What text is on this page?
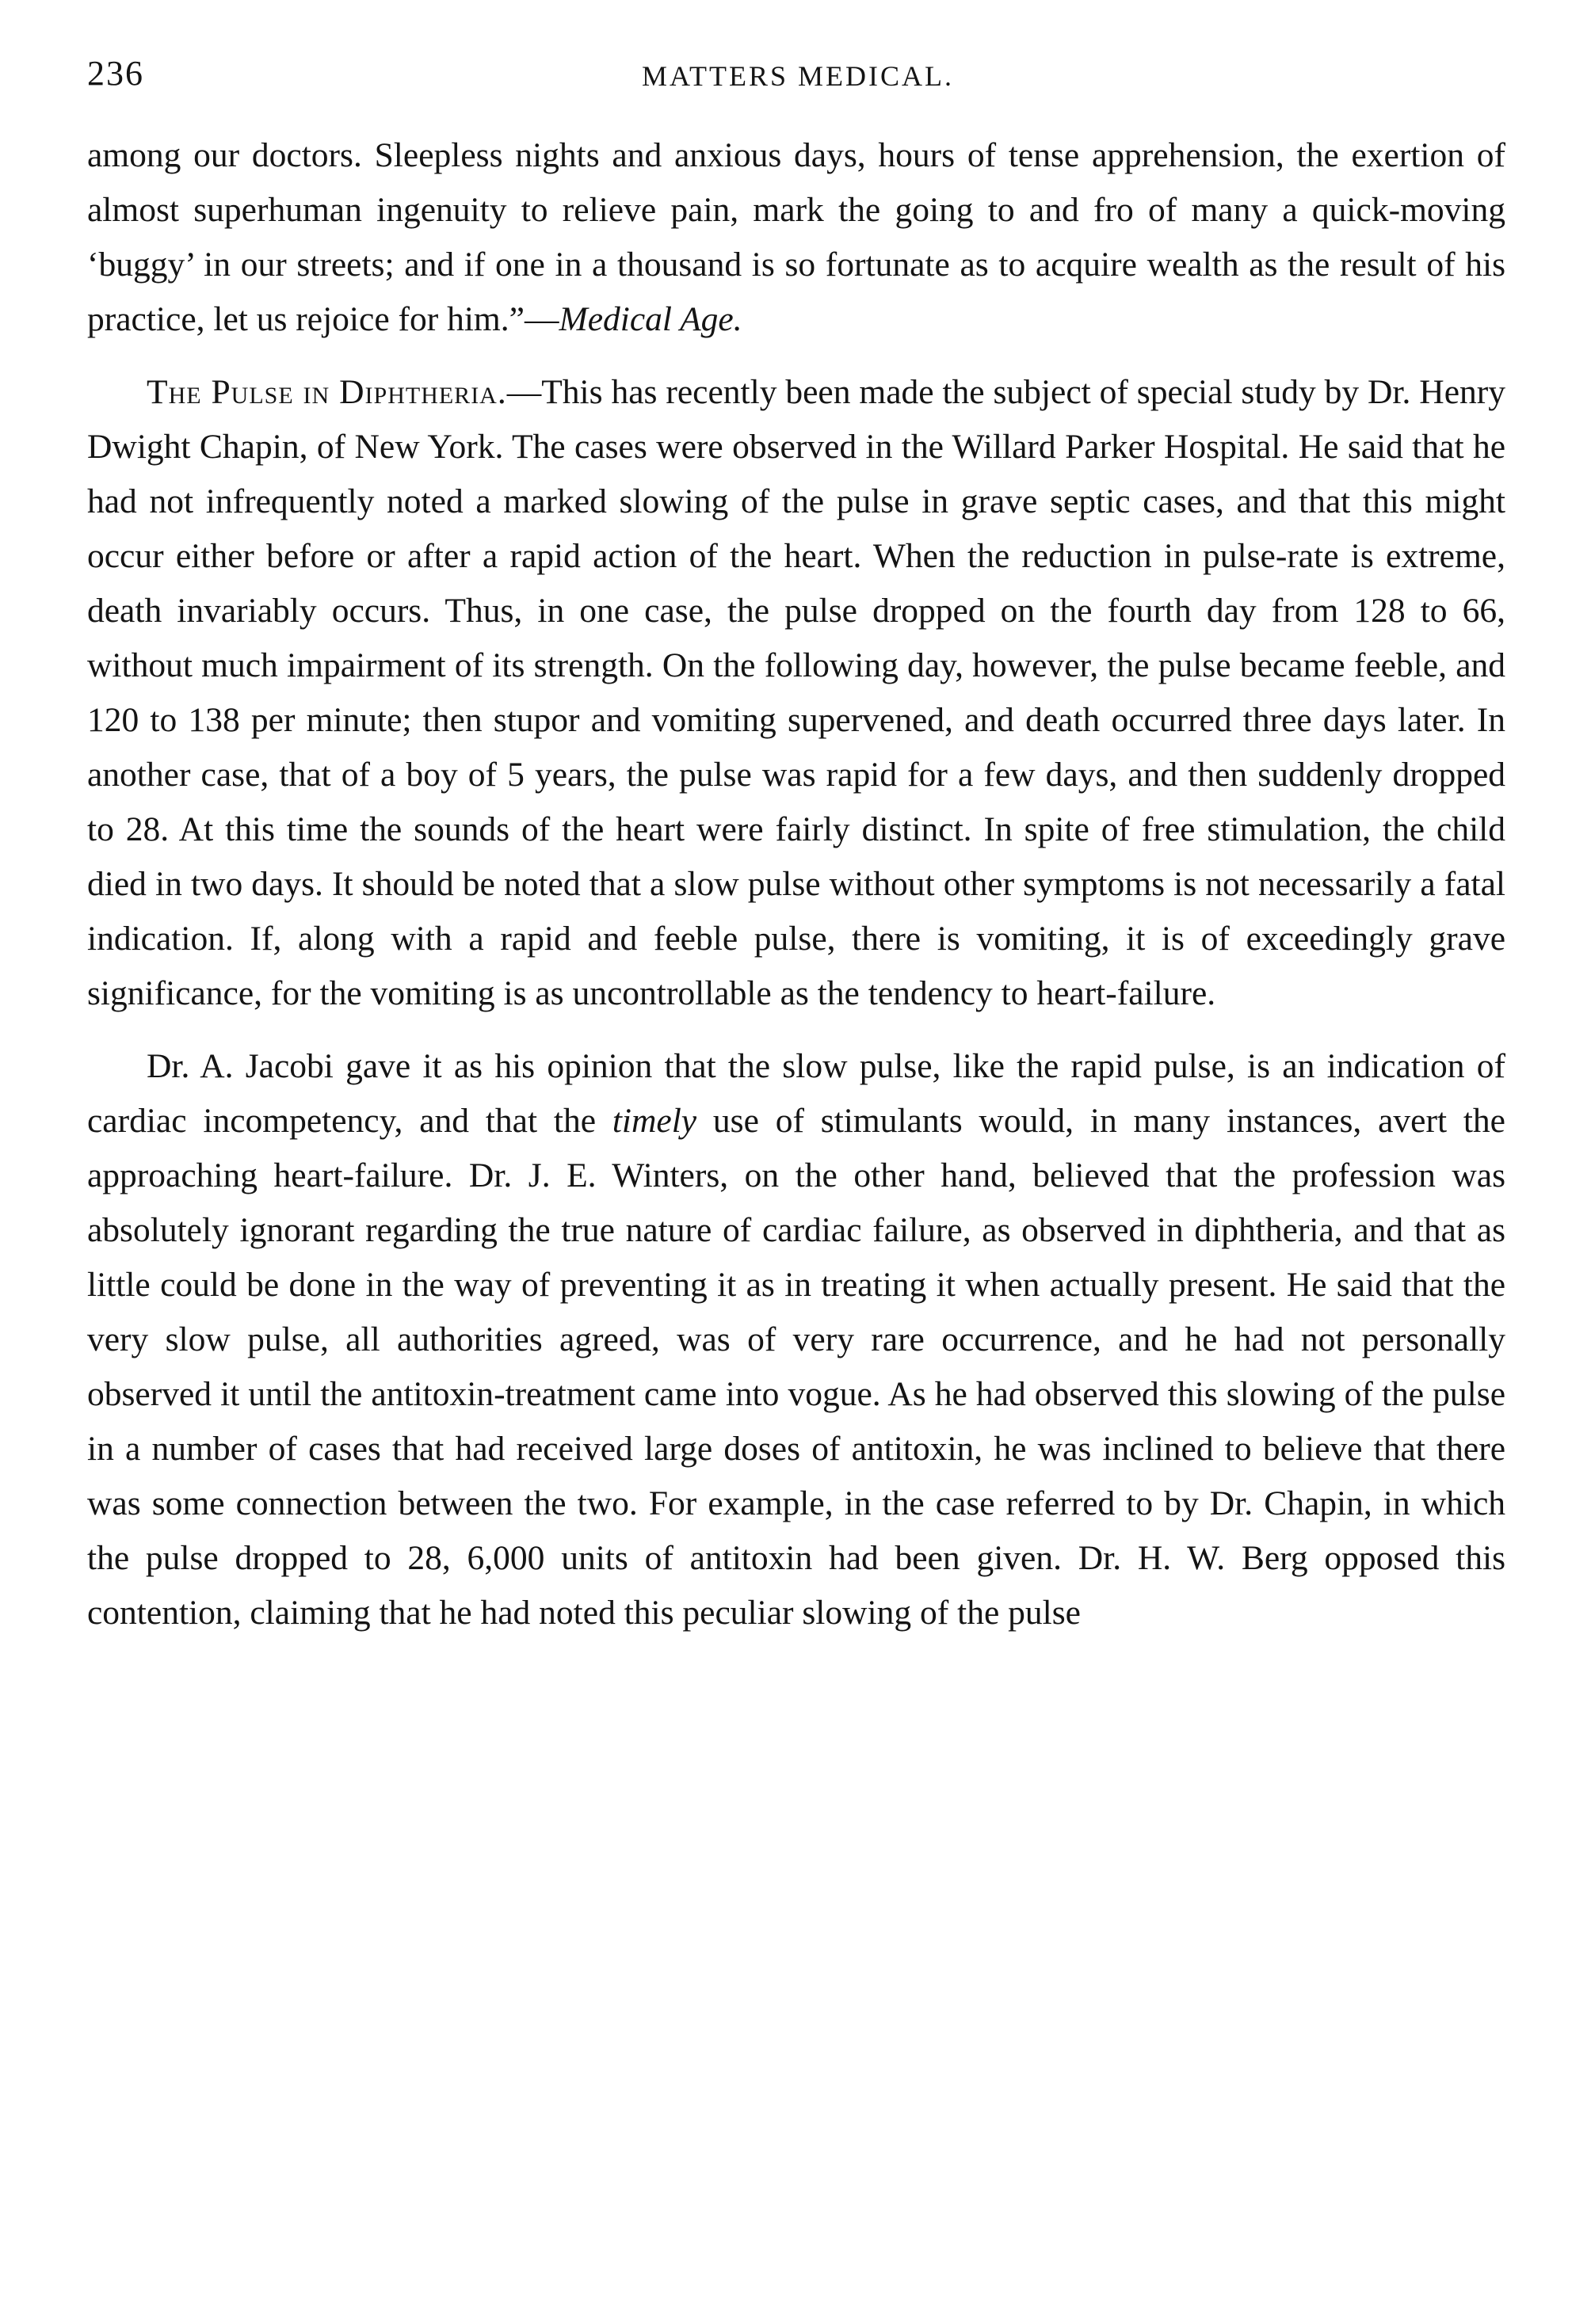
236	MATTERS MEDICAL.

among our doctors. Sleepless nights and anxious days, hours of tense apprehension, the exertion of almost superhuman ingenuity to relieve pain, mark the going to and fro of many a quick-moving ‘buggy’ in our streets; and if one in a thousand is so fortunate as to acquire wealth as the result of his practice, let us rejoice for him.”—Medical Age.

The Pulse in Diphtheria.—This has recently been made the subject of special study by Dr. Henry Dwight Chapin, of New York. The cases were observed in the Willard Parker Hospital. He said that he had not infrequently noted a marked slowing of the pulse in grave septic cases, and that this might occur either before or after a rapid action of the heart. When the reduction in pulse-rate is extreme, death invariably occurs. Thus, in one case, the pulse dropped on the fourth day from 128 to 66, without much impairment of its strength. On the following day, however, the pulse became feeble, and 120 to 138 per minute; then stupor and vomiting supervened, and death occurred three days later. In another case, that of a boy of 5 years, the pulse was rapid for a few days, and then suddenly dropped to 28. At this time the sounds of the heart were fairly distinct. In spite of free stimulation, the child died in two days. It should be noted that a slow pulse without other symptoms is not necessarily a fatal indication. If, along with a rapid and feeble pulse, there is vomiting, it is of exceedingly grave significance, for the vomiting is as uncontrollable as the tendency to heart-failure.

Dr. A. Jacobi gave it as his opinion that the slow pulse, like the rapid pulse, is an indication of cardiac incompetency, and that the timely use of stimulants would, in many instances, avert the approaching heart-failure. Dr. J. E. Winters, on the other hand, believed that the profession was absolutely ignorant regarding the true nature of cardiac failure, as observed in diphtheria, and that as little could be done in the way of preventing it as in treating it when actually present. He said that the very slow pulse, all authorities agreed, was of very rare occurrence, and he had not personally observed it until the antitoxin-treatment came into vogue. As he had observed this slowing of the pulse in a number of cases that had received large doses of antitoxin, he was inclined to believe that there was some connection between the two. For example, in the case referred to by Dr. Chapin, in which the pulse dropped to 28, 6,000 units of antitoxin had been given. Dr. H. W. Berg opposed this contention, claiming that he had noted this peculiar slowing of the pulse
